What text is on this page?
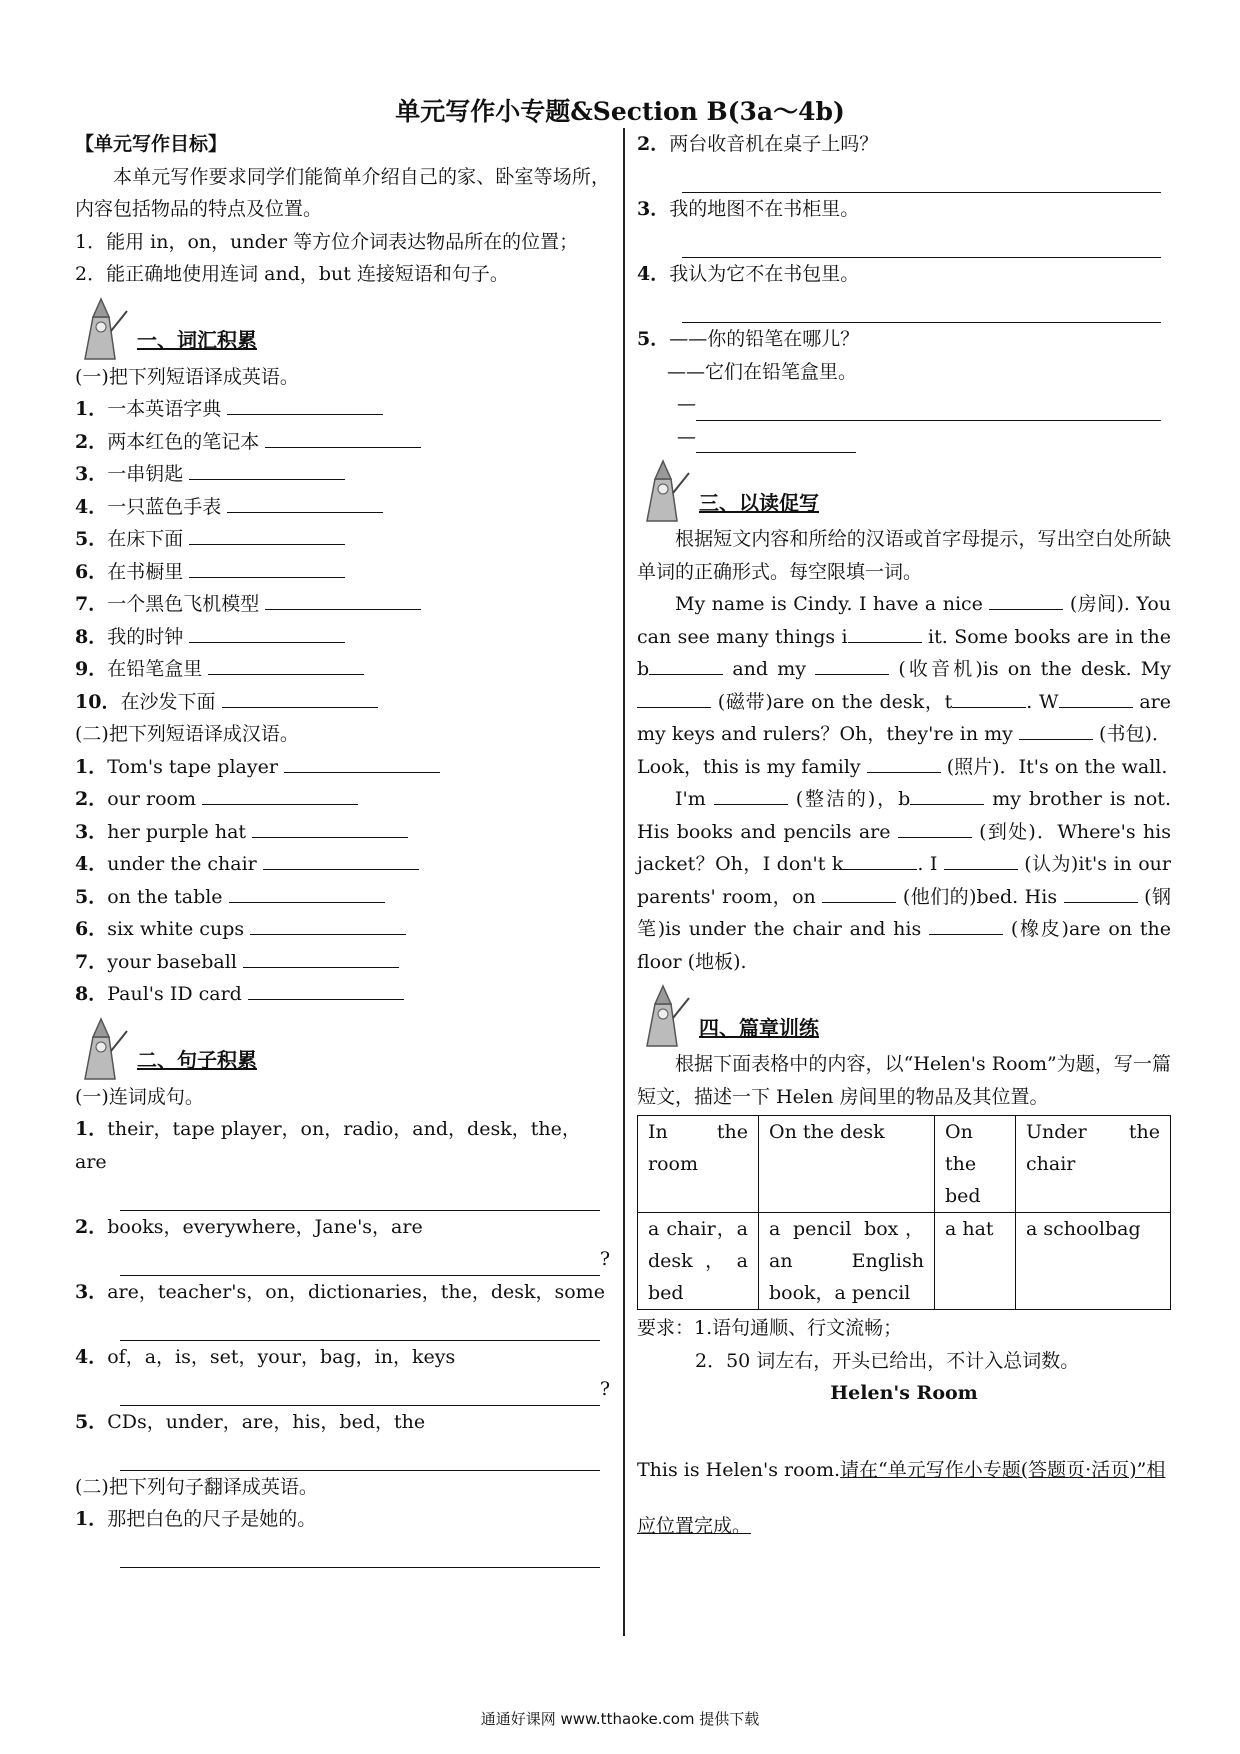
单元写作小专题&Section B(3a～4b)
【单元写作目标】
本单元写作要求同学们能简单介绍自己的家、卧室等场所，内容包括物品的特点及位置。
1．能用 in，on，under 等方位介词表达物品所在的位置；
2．能正确地使用连词 and，but 连接短语和句子。
一、词汇积累
(一)把下列短语译成英语。
1．一本英语字典
2．两本红色的笔记本
3．一串钥匙
4．一只蓝色手表
5．在床下面
6．在书橱里
7．一个黑色飞机模型
8．我的时钟
9．在铅笔盒里
10．在沙发下面
(二)把下列短语译成汉语。
1．Tom's tape player
2．our room
3．her purple hat
4．under the chair
5．on the table
6．six white cups
7．your baseball
8．Paul's ID card
二、句子积累
(一)连词成句。
1．their，tape player，on，radio，and，desk，the，are
2．books，everywhere，Jane's，are
?
3．are，teacher's，on，dictionaries，the，desk，some
4．of，a，is，set，your，bag，in，keys
?
5．CDs，under，are，his，bed，the
(二)把下列句子翻译成英语。
1．那把白色的尺子是她的。
2．两台收音机在桌子上吗？
3．我的地图不在书柜里。
4．我认为它不在书包里。
5．——你的铅笔在哪儿？
——它们在铅笔盒里。
—
—
三、以读促写
根据短文内容和所给的汉语或首字母提示，写出空白处所缺单词的正确形式。每空限填一词。
My name is Cindy. I have a nice	(房间). You can see many things i	it. Some books are in the b	and my	(收音机)is on the desk. My  (磁带)are on the desk，t	. W	are my keys and rulers？Oh，they're in my	(书包)．Look，this is my family	(照片)．It's on the wall.
I'm	(整洁的)，b	my brother is not. His books and pencils are	(到处)．Where's his jacket？Oh，I don't k	. I	(认为)it's in our parents' room，on	(他们的)bed. His	(钢笔)is under the chair and his	(橡皮)are on the floor (地板).
四、篇章训练
根据下面表格中的内容，以“Helen's Room”为题，写一篇短文，描述一下 Helen 房间里的物品及其位置。
In the room	On the desk	On the bed	Under the chair
a chair，a desk，a bed	a pencil box，an English book，a pencil	a hat	a schoolbag
要求：1.语句通顺、行文流畅；
2．50 词左右，开头已给出，不计入总词数。
Helen's Room
This is Helen's room.请在“单元写作小专题(答题页·活页)”相应位置完成。
通通好课网 www.tthaoke.com 提供下载
